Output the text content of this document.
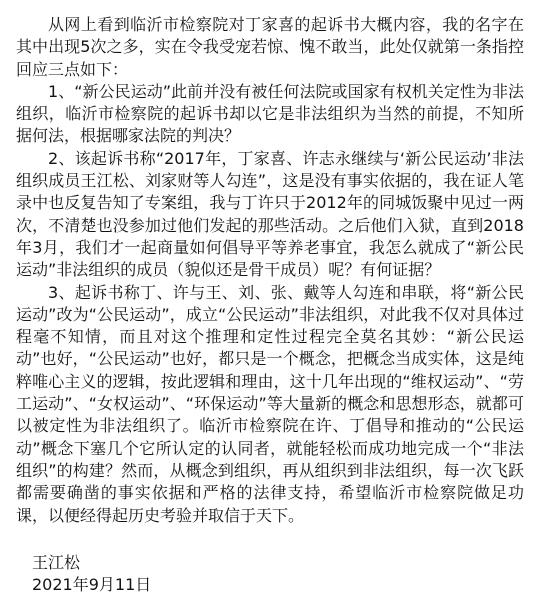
从网上看到临沂市检察院对丁家喜的起诉书大概内容，我的名字在其中出现5次之多，实在令我受宠若惊、愧不敢当，此处仅就第一条指控回应三点如下：

1、“新公民运动”此前并没有被任何法院或国家有权机关定性为非法组织，临沂市检察院的起诉书却以它是非法组织为当然的前提，不知所据何法，根据哪家法院的判决？

2、该起诉书称“2017年，丁家喜、许志永继续与‘新公民运动’非法组织成员王江松、刘家财等人勾连”，这是没有事实依据的，我在证人笔录中也反复告知了专案组，我与丁许只于2012年的同城饭聚中见过一两次，不清楚也没参加过他们发起的那些活动。之后他们入狱，直到2018年3月，我们才一起商量如何倡导平等养老事宜，我怎么就成了“新公民运动”非法组织的成员（貌似还是骨干成员）呢？有何证据？

3、起诉书称丁、许与王、刘、张、戴等人勾连和串联，将“新公民运动”改为“公民运动”，成立“公民运动”非法组织，对此我不仅对具体过程毫不知情，而且对这个推理和定性过程完全莫名其妙：“新公民运动”也好，“公民运动”也好，都只是一个概念，把概念当成实体，这是纯粹唯心主义的逻辑，按此逻辑和理由，这十几年出现的“维权运动”、“劳工运动”、“女权运动”、“环保运动”等大量新的概念和思想形态，就都可以被定性为非法组织了。临沂市检察院在许、丁倡导和推动的“公民运动”概念下塞几个它所认定的认同者，就能轻松而成功地完成一个“非法组织”的构建？然而，从概念到组织，再从组织到非法组织，每一次飞跃都需要确凿的事实依据和严格的法律支持，希望临沂市检察院做足功课，以便经得起历史考验并取信于天下。

王江松

2021年9月11日
